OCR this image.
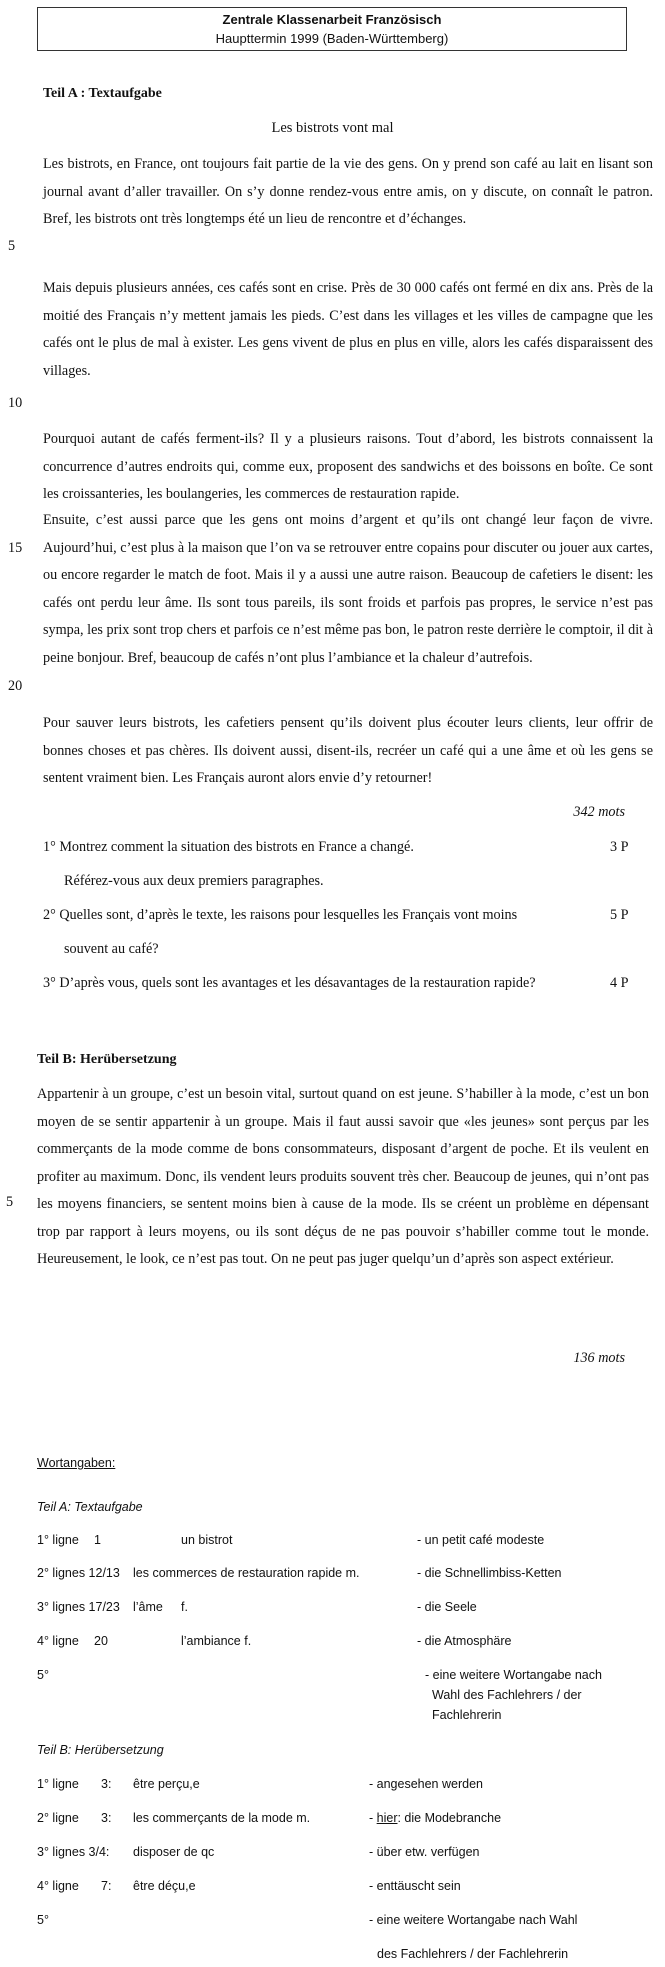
Zentrale Klassenarbeit Französisch
Haupttermin 1999 (Baden-Württemberg)
Teil A : Textaufgabe
Les bistrots vont mal
Les bistrots, en France, ont toujours fait partie de la vie des gens. On y prend son café au lait en lisant son journal avant d’aller travailler. On s’y donne rendez-vous entre amis, on y discute, on connaît le patron. Bref, les bistrots ont très longtemps été un lieu de rencontre et d’échanges.
Mais depuis plusieurs années, ces cafés sont en crise. Près de 30 000 cafés ont fermé en dix ans. Près de la moitié des Français n’y mettent jamais les pieds. C’est dans les villages et les villes de campagne que les cafés ont le plus de mal à exister. Les gens vivent de plus en plus en ville, alors les cafés disparaissent des villages.
Pourquoi autant de cafés ferment-ils? Il y a plusieurs raisons. Tout d’abord, les bistrots connaissent la concurrence d’autres endroits qui, comme eux, proposent des sandwichs et des boissons en boîte. Ce sont les croissanteries, les boulangeries, les commerces de restauration rapide.
Ensuite, c’est aussi parce que les gens ont moins d’argent et qu’ils ont changé leur façon de vivre. Aujourd’hui, c’est plus à la maison que l’on va se retrouver entre copains pour discuter ou jouer aux cartes, ou encore regarder le match de foot. Mais il y a aussi une autre raison. Beaucoup de cafetiers le disent: les cafés ont perdu leur âme. Ils sont tous pareils, ils sont froids et parfois pas propres, le service n’est pas sympa, les prix sont trop chers et parfois ce n’est même pas bon, le patron reste derrière le comptoir, il dit à peine bonjour. Bref, beaucoup de cafés n’ont plus l’ambiance et la chaleur d’autrefois.
Pour sauver leurs bistrots, les cafetiers pensent qu’ils doivent plus écouter leurs clients, leur offrir de bonnes choses et pas chères. Ils doivent aussi, disent-ils, recréer un café qui a une âme et où les gens se sentent vraiment bien. Les Français auront alors envie d’y retourner!
5
10
15
20
342 mots
1° Montrez comment la situation des bistrots en France a changé.	3 P
Référez-vous aux deux premiers paragraphes.
2° Quelles sont, d’après le texte, les raisons pour lesquelles les Français vont moins	5 P
souvent au café?
3° D’après vous, quels sont les avantages et les désavantages de la restauration rapide?	4 P
Teil B: Herübersetzung
Appartenir à un groupe, c’est un besoin vital, surtout quand on est jeune. S’habiller à la mode, c’est un bon moyen de se sentir appartenir à un groupe. Mais il faut aussi savoir que «les jeunes» sont perçus par les commerçants de la mode comme de bons consommateurs, disposant d’argent de poche. Et ils veulent en profiter au maximum. Donc, ils vendent leurs produits souvent très cher. Beaucoup de jeunes, qui n’ont pas les moyens financiers, se sentent moins bien à cause de la mode. Ils se créent un problème en dépensant trop par rapport à leurs moyens, ou ils sont déçus de ne pas pouvoir s’habiller comme tout le monde. Heureusement, le look, ce n’est pas tout. On ne peut pas juger quelqu’un d’après son aspect extérieur.
5
136 mots
Wortangaben:
Teil A: Textaufgabe
1° ligne 1	un bistrot	- un petit café modeste
2° lignes 12/13 les commerces de restauration rapide m.	- die Schnellimbiss-Ketten
3° lignes 17/23 l’âme f.	- die Seele
4° ligne 20	l’ambiance f.	- die Atmosphäre
5°	- eine weitere Wortangabe nach
Wahl des Fachlehrers / der
Fachlehrerin
Teil B: Herübersetzung
1° ligne 3: être perçu,e	- angesehen werden
2° ligne 3: les commerçants de la mode m.	- hier: die Modebranche
3° lignes 3/4: disposer de qc	- über etw. verfügen
4° ligne 7: être déçu,e	- enttäuscht sein
5°	- eine weitere Wortangabe nach Wahl
des Fachlehrers / der Fachlehrerin
